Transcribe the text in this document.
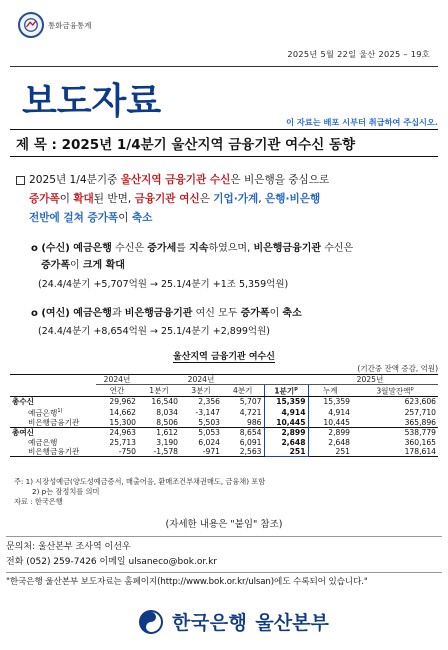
통화금융통계
2025년 5월 22일 울산 2025 – 19호
보도자료	이 자료는 배포 시부터 취급하여 주십시오.
제 목 : 2025년 1/4분기 울산지역 금융기관 여수신 동향
2025년 1/4분기중 울산지역 금융기관 수신은 비은행을 중심으로
증가폭이 확대된 반면, 금융기관 여신은 기업·가계, 은행·비은행
전반에 걸쳐 증가폭이 축소
o (수신) 예금은행 수신은 증가세를 지속하였으며, 비은행금융기관 수신은
증가폭이 크게 확대
(24.4/4분기 +5,707억원 → 25.1/4분기 +1조 5,359억원)
o (여신) 예금은행과 비은행금융기관 여신 모두 증가폭이 축소
(24.4/4분기 +8,654억원 → 25.1/4분기 +2,899억원)
울산지역 금융기관 여수신
(기간중 잔액 증감, 억원)
	2024년	2024년			2025년		
	연간	1분기	3분기	4분기	1분기$^p$	누계	3월말잔액$^p$
총수신	29,962	16,540	2,356	5,707	15,359	15,359	623,606
예금은행$^{1)}$	14,662	8,034	-3,147	4,721	4,914	4,914	257,710
비은행금융기관	15,300	8,506	5,503	986	10,445	10,445	365,896
총여신	24,963	1,612	5,053	8,654	2,899	2,899	538,779
예금은행	25,713	3,190	6,024	6,091	2,648	2,648	360,165
비은행금융기관	-750	-1,578	-971	2,563	251	251	178,614
주: 1) 시장성예금(양도성예금증서, 매출어음, 환매조건부채권매도, 금융채) 포함
2) p는 잠정치를 의미
자료 : 한국은행
(자세한 내용은 "붙임" 참조)
문의처: 울산본부 조사역 이선우
전화 (052) 259-7426 이메일 ulsaneco@bok.or.kr
"한국은행 울산본부 보도자료는 홈페이지(http://www.bok.or.kr/ulsan)에도 수록되어 있습니다."
한국은행 울산본부
